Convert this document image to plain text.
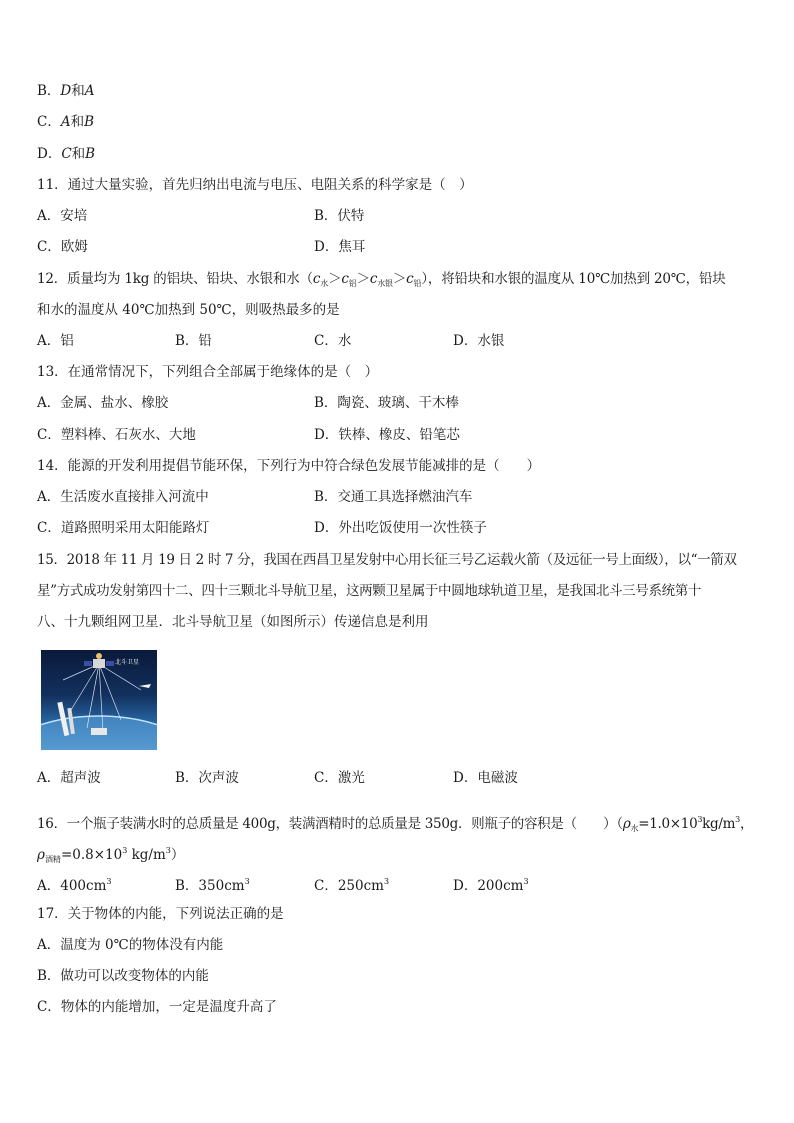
B．D和A
C．A和B
D．C和B
11．通过大量实验，首先归纳出电流与电压、电阻关系的科学家是（　）
A．安培	B．伏特
C．欧姆	D．焦耳
12．质量均为 1kg 的铝块、铅块、水银和水$(c_水>c_铝>c_{水银}>c_铅)$，将铅块和水银的温度从 10℃加热到 20℃，铅块
和水的温度从 40℃加热到 50℃，则吸热最多的是
A．铝	B．铅	C．水	D．水银
13．在通常情况下，下列组合全部属于绝缘体的是（　）
A．金属、盐水、橡胶	B．陶瓷、玻璃、干木棒
C．塑料棒、石灰水、大地	D．铁棒、橡皮、铅笔芯
14．能源的开发利用提倡节能环保，下列行为中符合绿色发展节能减排的是（　　）
A．生活废水直接排入河流中	B．交通工具选择燃油汽车
C．道路照明采用太阳能路灯	D．外出吃饭使用一次性筷子
15．2018 年 11 月 19 日 2 时 7 分，我国在西昌卫星发射中心用长征三号乙运载火箭（及远征一号上面级），以“一箭双
星”方式成功发射第四十二、四十三颗北斗导航卫星，这两颗卫星属于中圆地球轨道卫星，是我国北斗三号系统第十
八、十九颗组网卫星．北斗导航卫星（如图所示）传递信息是利用
北斗卫星
A．超声波	B．次声波	C．激光	D．电磁波
16．一个瓶子装满水时的总质量是 400g，装满酒精时的总质量是 350g．则瓶子的容积是（　　）（$\rho_水=1.0\times 10^3kg/m^3$，
$\rho_{酒精}=0.8\times 10^3$ $kg/m^3$）
A．$400cm^3$	B．$350cm^3$	C．$250cm^3$	D．$200cm^3$
17．关于物体的内能，下列说法正确的是
A．温度为 0℃的物体没有内能
B．做功可以改变物体的内能
C．物体的内能增加，一定是温度升高了
